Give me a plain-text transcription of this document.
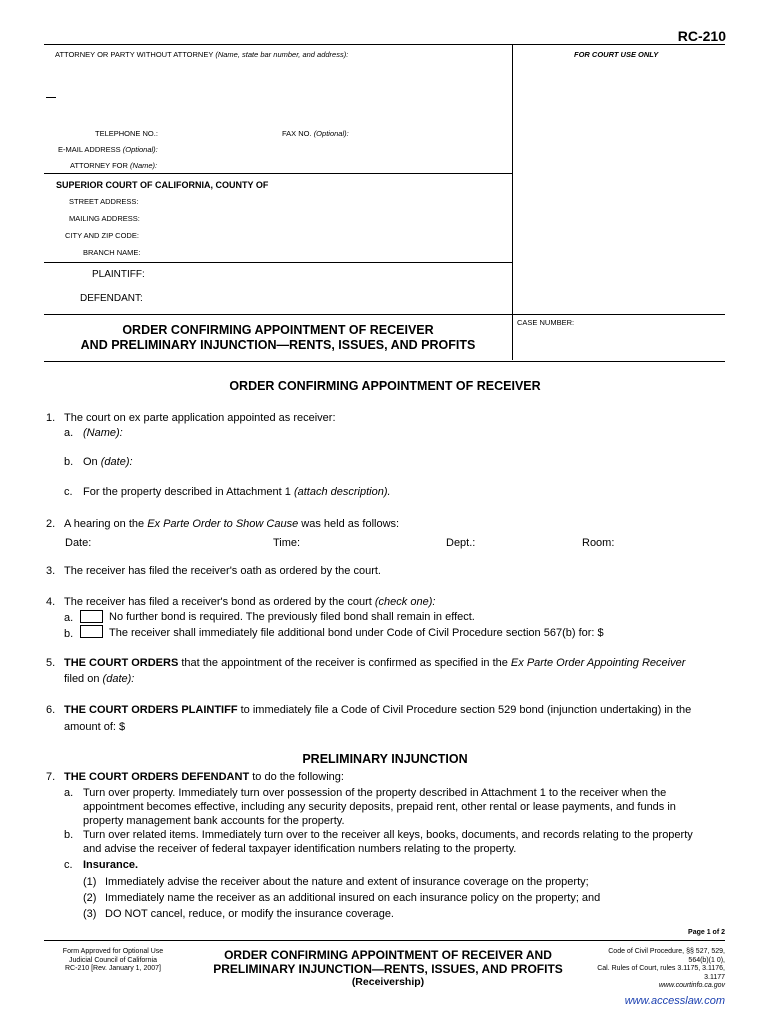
RC-210
ATTORNEY OR PARTY WITHOUT ATTORNEY (Name, state bar number, and address):	FOR COURT USE ONLY
TELEPHONE NO.:	FAX NO. (Optional):
E-MAIL ADDRESS (Optional):
ATTORNEY FOR (Name):
SUPERIOR COURT OF CALIFORNIA, COUNTY OF
STREET ADDRESS:
MAILING ADDRESS:
CITY AND ZIP CODE:
BRANCH NAME:
PLAINTIFF:
DEFENDANT:
ORDER CONFIRMING APPOINTMENT OF RECEIVER
AND PRELIMINARY INJUNCTION—RENTS, ISSUES, AND PROFITS
CASE NUMBER:
ORDER CONFIRMING APPOINTMENT OF RECEIVER
1. The court on ex parte application appointed as receiver:
a. (Name):
b. On (date):
c. For the property described in Attachment 1 (attach description).
2. A hearing on the Ex Parte Order to Show Cause was held as follows:
Date:	Time:	Dept.:	Room:
3. The receiver has filed the receiver's oath as ordered by the court.
4. The receiver has filed a receiver's bond as ordered by the court (check one):
a.	No further bond is required. The previously filed bond shall remain in effect.
b.	The receiver shall immediately file additional bond under Code of Civil Procedure section 567(b) for: $
5. THE COURT ORDERS that the appointment of the receiver is confirmed as specified in the Ex Parte Order Appointing Receiver
filed on (date):
6. THE COURT ORDERS PLAINTIFF to immediately file a Code of Civil Procedure section 529 bond (injunction undertaking) in the
amount of: $
PRELIMINARY INJUNCTION
7. THE COURT ORDERS DEFENDANT to do the following:
a. Turn over property. Immediately turn over possession of the property described in Attachment 1 to the receiver when the
appointment becomes effective, including any security deposits, prepaid rent, other rental or lease payments, and funds in
property management bank accounts for the property.
b. Turn over related items. Immediately turn over to the receiver all keys, books, documents, and records relating to the property
and advise the receiver of federal taxpayer identification numbers relating to the property.
c. Insurance.
(1) Immediately advise the receiver about the nature and extent of insurance coverage on the property;
(2) Immediately name the receiver as an additional insured on each insurance policy on the property; and
(3) DO NOT cancel, reduce, or modify the insurance coverage.
Page 1 of 2
Form Approved for Optional Use
Judicial Council of California
RC-210 [Rev. January 1, 2007]
ORDER CONFIRMING APPOINTMENT OF RECEIVER AND
PRELIMINARY INJUNCTION—RENTS, ISSUES, AND PROFITS
(Receivership)
Code of Civil Procedure, §§ 527, 529,
564(b)(1 0),
Cal. Rules of Court, rules 3.1175, 3.1176,
3.1177
www.courtinfo.ca.gov
www.accesslaw.com
